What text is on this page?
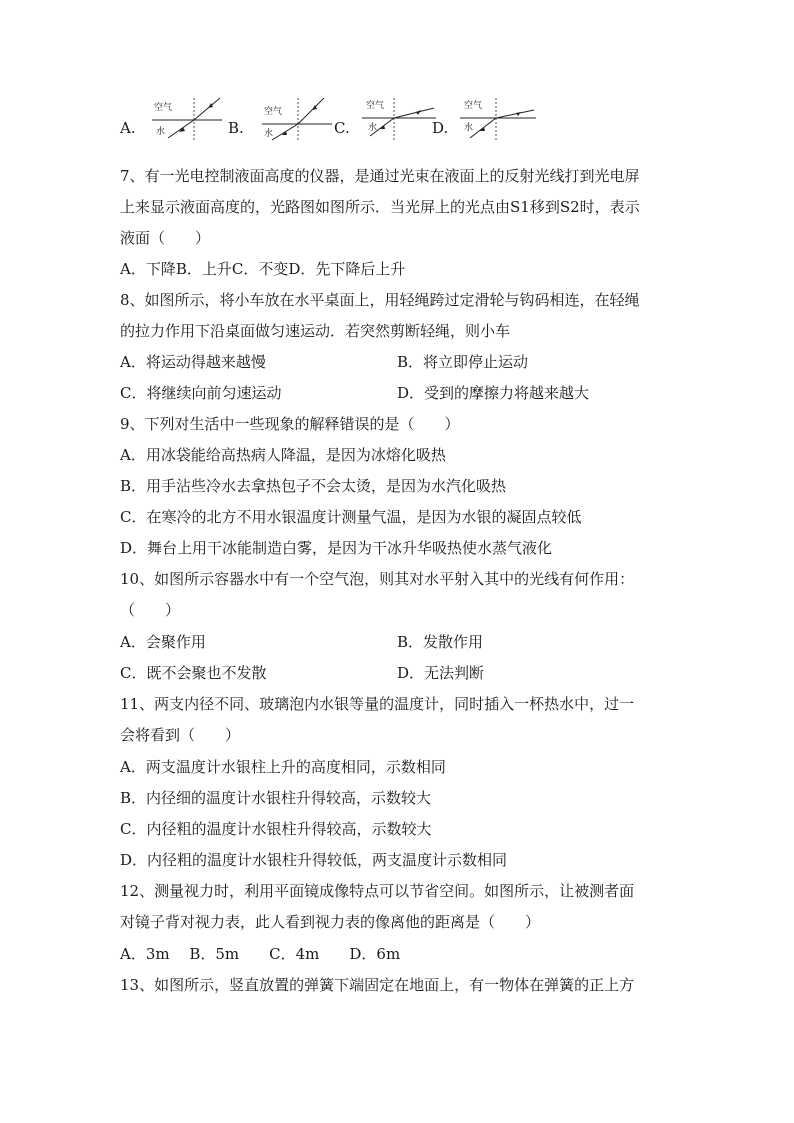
A.
空气
水	B.
空气
水	C.
空气
水	D.
空气
水
7、有一光电控制液面高度的仪器，是通过光束在液面上的反射光线打到光电屏
上来显示液面高度的，光路图如图所示．当光屏上的光点由S1移到S2时，表示
液面（　　）
A．下降B．上升C．不变D．先下降后上升
8、如图所示，将小车放在水平桌面上，用轻绳跨过定滑轮与钩码相连，在轻绳
的拉力作用下沿桌面做匀速运动．若突然剪断轻绳，则小车
A．将运动得越来越慢	B．将立即停止运动
C．将继续向前匀速运动	D．受到的摩擦力将越来越大
9、下列对生活中一些现象的解释错误的是（　　）
A．用冰袋能给高热病人降温，是因为冰熔化吸热
B．用手沾些冷水去拿热包子不会太烫，是因为水汽化吸热
C．在寒冷的北方不用水银温度计测量气温，是因为水银的凝固点较低
D．舞台上用干冰能制造白雾，是因为干冰升华吸热使水蒸气液化
10、如图所示容器水中有一个空气泡，则其对水平射入其中的光线有何作用：
（　　）
A．会聚作用	B．发散作用
C．既不会聚也不发散	D．无法判断
11、两支内径不同、玻璃泡内水银等量的温度计，同时插入一杯热水中，过一
会将看到（　　）
A．两支温度计水银柱上升的高度相同，示数相同
B．内径细的温度计水银柱升得较高，示数较大
C．内径粗的温度计水银柱升得较高，示数较大
D．内径粗的温度计水银柱升得较低，两支温度计示数相同
12、测量视力时，利用平面镜成像特点可以节省空间。如图所示，让被测者面
对镜子背对视力表，此人看到视力表的像离他的距离是（　　）
A．3m　 B．5m　　C．4m　　D．6m
13、如图所示，竖直放置的弹簧下端固定在地面上，有一物体在弹簧的正上方
